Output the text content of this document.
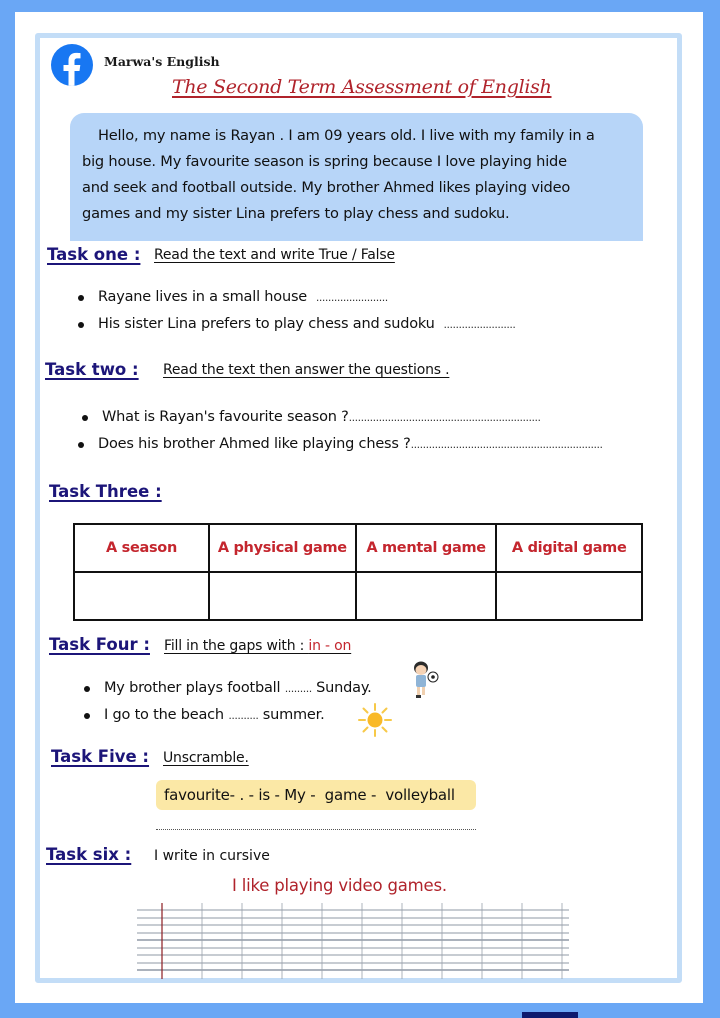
Marwa's English
The Second Term Assessment of English
Hello, my name is Rayan . I am 09 years old. I live with my family in a
big house. My favourite season is spring because I love playing hide
and seek and football outside. My brother Ahmed likes playing video
games and my sister Lina prefers to play chess and sudoku.
Task one : Read the text and write True / False
Rayane lives in a small house ........................
His sister Lina prefers to play chess and sudoku ........................
Task two : Read the text then answer the questions .
What is Rayan's favourite season ?................................................................
Does his brother Ahmed like playing chess ?................................................................
Task Three :
A season	A physical game	A mental game	A digital game

Task Four : Fill in the gaps with : in - on
My brother plays football ......... Sunday.
I go to the beach .......... summer.
Task Five : Unscramble.
favourite- . - is - My -  game -  volleyball
Task six : I write in cursive
I like playing video games.
